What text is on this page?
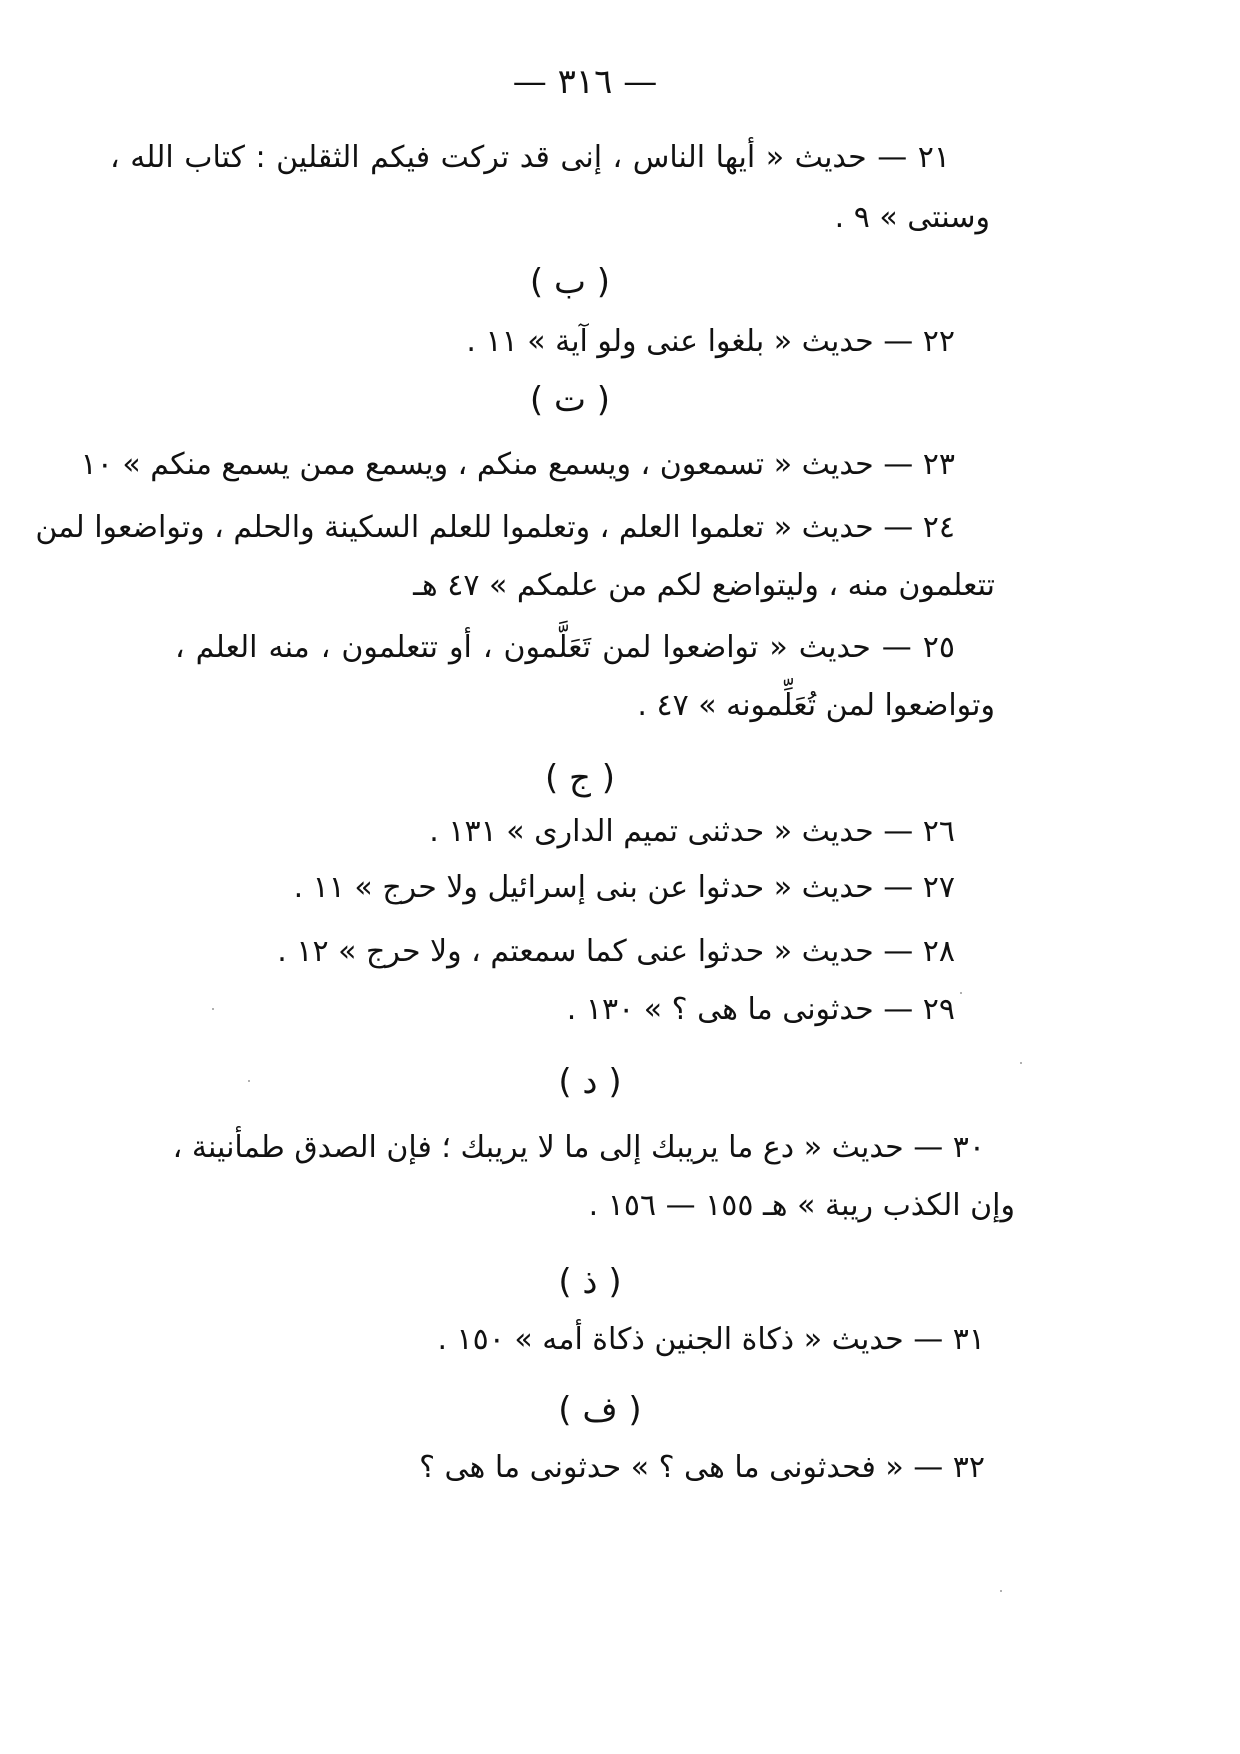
— ٣١٦ —
٢١ — حديث « أيها الناس ، إنى قد تركت فيكم الثقلين : كتاب الله ،
وسنتى » ٩ .
( ب )
٢٢ — حديث « بلغوا عنى ولو آية » ١١ .
( ت )
٢٣ — حديث « تسمعون ، ويسمع منكم ، ويسمع ممن يسمع منكم » ١٠
٢٤ — حديث « تعلموا العلم ، وتعلموا للعلم السكينة والحلم ، وتواضعوا لمن
تتعلمون منه ، وليتواضع لكم من علمكم » ٤٧ هـ
٢٥ — حديث « تواضعوا لمن تَعَلَّمون ، أو تتعلمون ، منه العلم ،
وتواضعوا لمن تُعَلِّمونه » ٤٧ .
( ج )
٢٦ — حديث « حدثنى تميم الدارى » ١٣١ .
٢٧ — حديث « حدثوا عن بنى إسرائيل ولا حرج » ١١ .
٢٨ — حديث « حدثوا عنى كما سمعتم ، ولا حرج » ١٢ .
٢٩ — حدثونى ما هى ؟ » ١٣٠ .
( د )
٣٠ — حديث « دع ما يريبك إلى ما لا يريبك ؛ فإن الصدق طمأنينة ،
وإن الكذب ريبة » هـ ١٥٥ — ١٥٦ .
( ذ )
٣١ — حديث « ذكاة الجنين ذكاة أمه » ١٥٠ .
( ف )
٣٢ — « فحدثونى ما هى ؟ » حدثونى ما هى ؟
